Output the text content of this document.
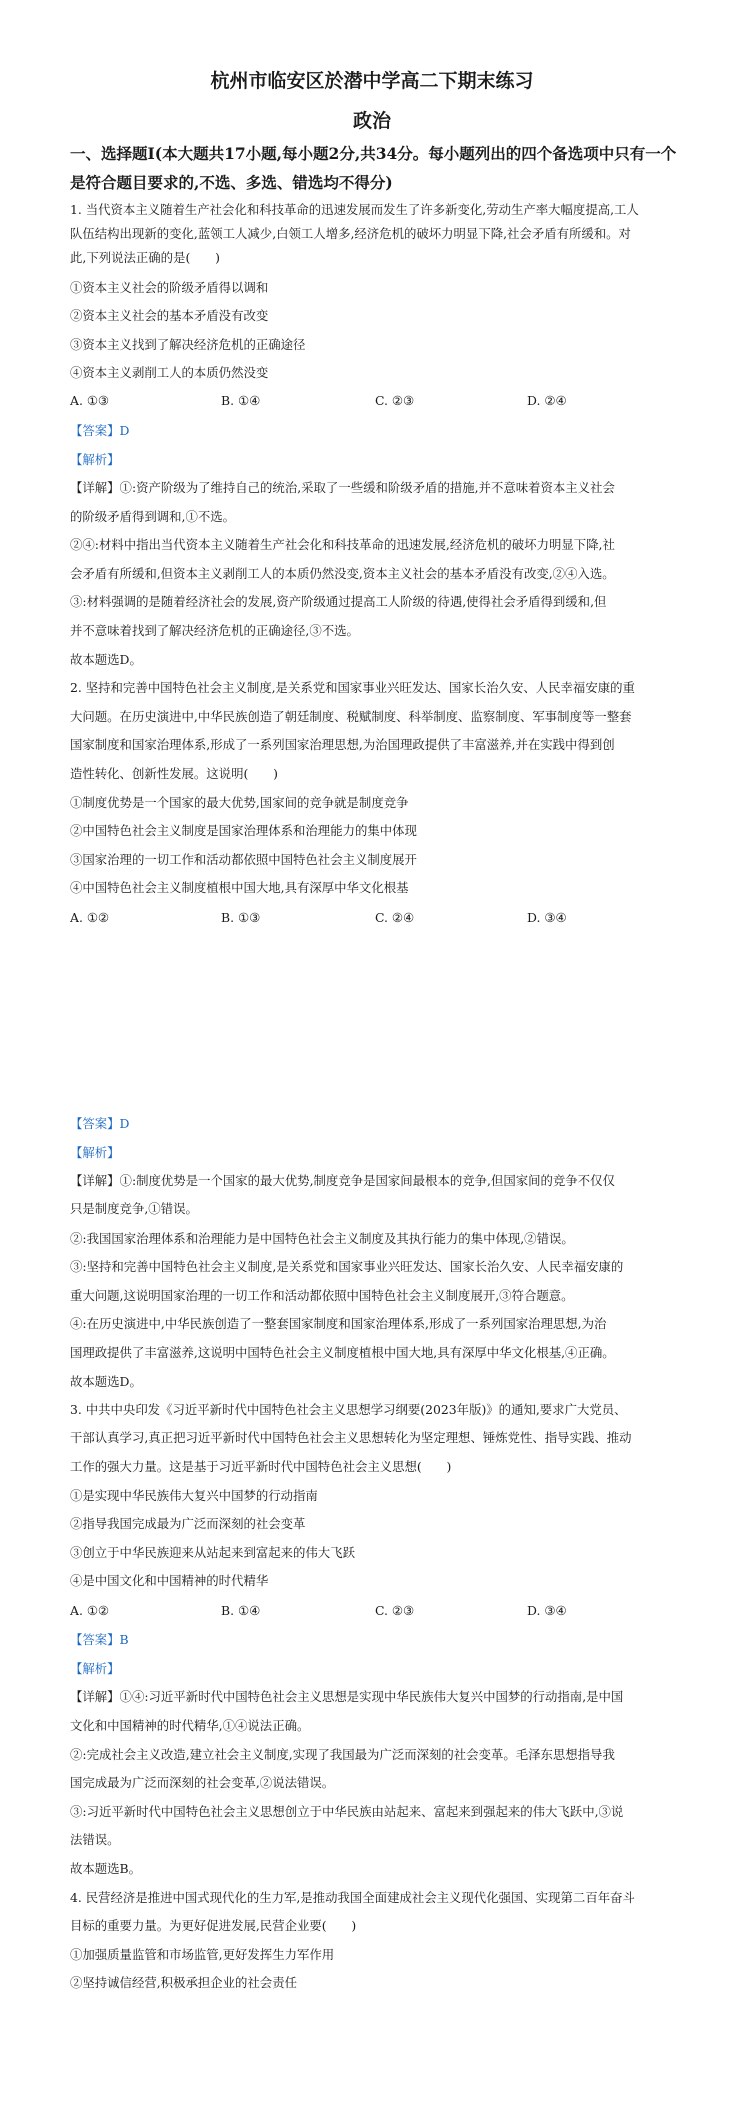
杭州市临安区於潜中学高二下期末练习
政治
一、选择题Ⅰ(本大题共17小题,每小题2分,共34分。每小题列出的四个备选项中只有一个
是符合题目要求的,不选、多选、错选均不得分)
1. 当代资本主义随着生产社会化和科技革命的迅速发展而发生了许多新变化,劳动生产率大幅度提高,工人
队伍结构出现新的变化,蓝领工人减少,白领工人增多,经济危机的破坏力明显下降,社会矛盾有所缓和。对
此,下列说法正确的是(　　)
①资本主义社会的阶级矛盾得以调和
②资本主义社会的基本矛盾没有改变
③资本主义找到了解决经济危机的正确途径
④资本主义剥削工人的本质仍然没变
A. ①③	B. ①④	C. ②③	D. ②④
【答案】D
【解析】
【详解】①:资产阶级为了维持自己的统治,采取了一些缓和阶级矛盾的措施,并不意味着资本主义社会
的阶级矛盾得到调和,①不选。
②④:材料中指出当代资本主义随着生产社会化和科技革命的迅速发展,经济危机的破坏力明显下降,社
会矛盾有所缓和,但资本主义剥削工人的本质仍然没变,资本主义社会的基本矛盾没有改变,②④入选。
③:材料强调的是随着经济社会的发展,资产阶级通过提高工人阶级的待遇,使得社会矛盾得到缓和,但
并不意味着找到了解决经济危机的正确途径,③不选。
故本题选D。
2. 坚持和完善中国特色社会主义制度,是关系党和国家事业兴旺发达、国家长治久安、人民幸福安康的重
大问题。在历史演进中,中华民族创造了朝廷制度、税赋制度、科举制度、监察制度、军事制度等一整套
国家制度和国家治理体系,形成了一系列国家治理思想,为治国理政提供了丰富滋养,并在实践中得到创
造性转化、创新性发展。这说明(　　)
①制度优势是一个国家的最大优势,国家间的竞争就是制度竞争
②中国特色社会主义制度是国家治理体系和治理能力的集中体现
③国家治理的一切工作和活动都依照中国特色社会主义制度展开
④中国特色社会主义制度植根中国大地,具有深厚中华文化根基
A. ①②	B. ①③	C. ②④	D. ③④
【答案】D
【解析】
【详解】①:制度优势是一个国家的最大优势,制度竞争是国家间最根本的竞争,但国家间的竞争不仅仅
只是制度竞争,①错误。
②:我国国家治理体系和治理能力是中国特色社会主义制度及其执行能力的集中体现,②错误。
③:坚持和完善中国特色社会主义制度,是关系党和国家事业兴旺发达、国家长治久安、人民幸福安康的
重大问题,这说明国家治理的一切工作和活动都依照中国特色社会主义制度展开,③符合题意。
④:在历史演进中,中华民族创造了一整套国家制度和国家治理体系,形成了一系列国家治理思想,为治
国理政提供了丰富滋养,这说明中国特色社会主义制度植根中国大地,具有深厚中华文化根基,④正确。
故本题选D。
3. 中共中央印发《习近平新时代中国特色社会主义思想学习纲要(2023年版)》的通知,要求广大党员、
干部认真学习,真正把习近平新时代中国特色社会主义思想转化为坚定理想、锤炼党性、指导实践、推动
工作的强大力量。这是基于习近平新时代中国特色社会主义思想(　　)
①是实现中华民族伟大复兴中国梦的行动指南
②指导我国完成最为广泛而深刻的社会变革
③创立于中华民族迎来从站起来到富起来的伟大飞跃
④是中国文化和中国精神的时代精华
A. ①②	B. ①④	C. ②③	D. ③④
【答案】B
【解析】
【详解】①④:习近平新时代中国特色社会主义思想是实现中华民族伟大复兴中国梦的行动指南,是中国
文化和中国精神的时代精华,①④说法正确。
②:完成社会主义改造,建立社会主义制度,实现了我国最为广泛而深刻的社会变革。毛泽东思想指导我
国完成最为广泛而深刻的社会变革,②说法错误。
③:习近平新时代中国特色社会主义思想创立于中华民族由站起来、富起来到强起来的伟大飞跃中,③说
法错误。
故本题选B。
4. 民营经济是推进中国式现代化的生力军,是推动我国全面建成社会主义现代化强国、实现第二百年奋斗
目标的重要力量。为更好促进发展,民营企业要(　　)
①加强质量监管和市场监管,更好发挥生力军作用
②坚持诚信经营,积极承担企业的社会责任
